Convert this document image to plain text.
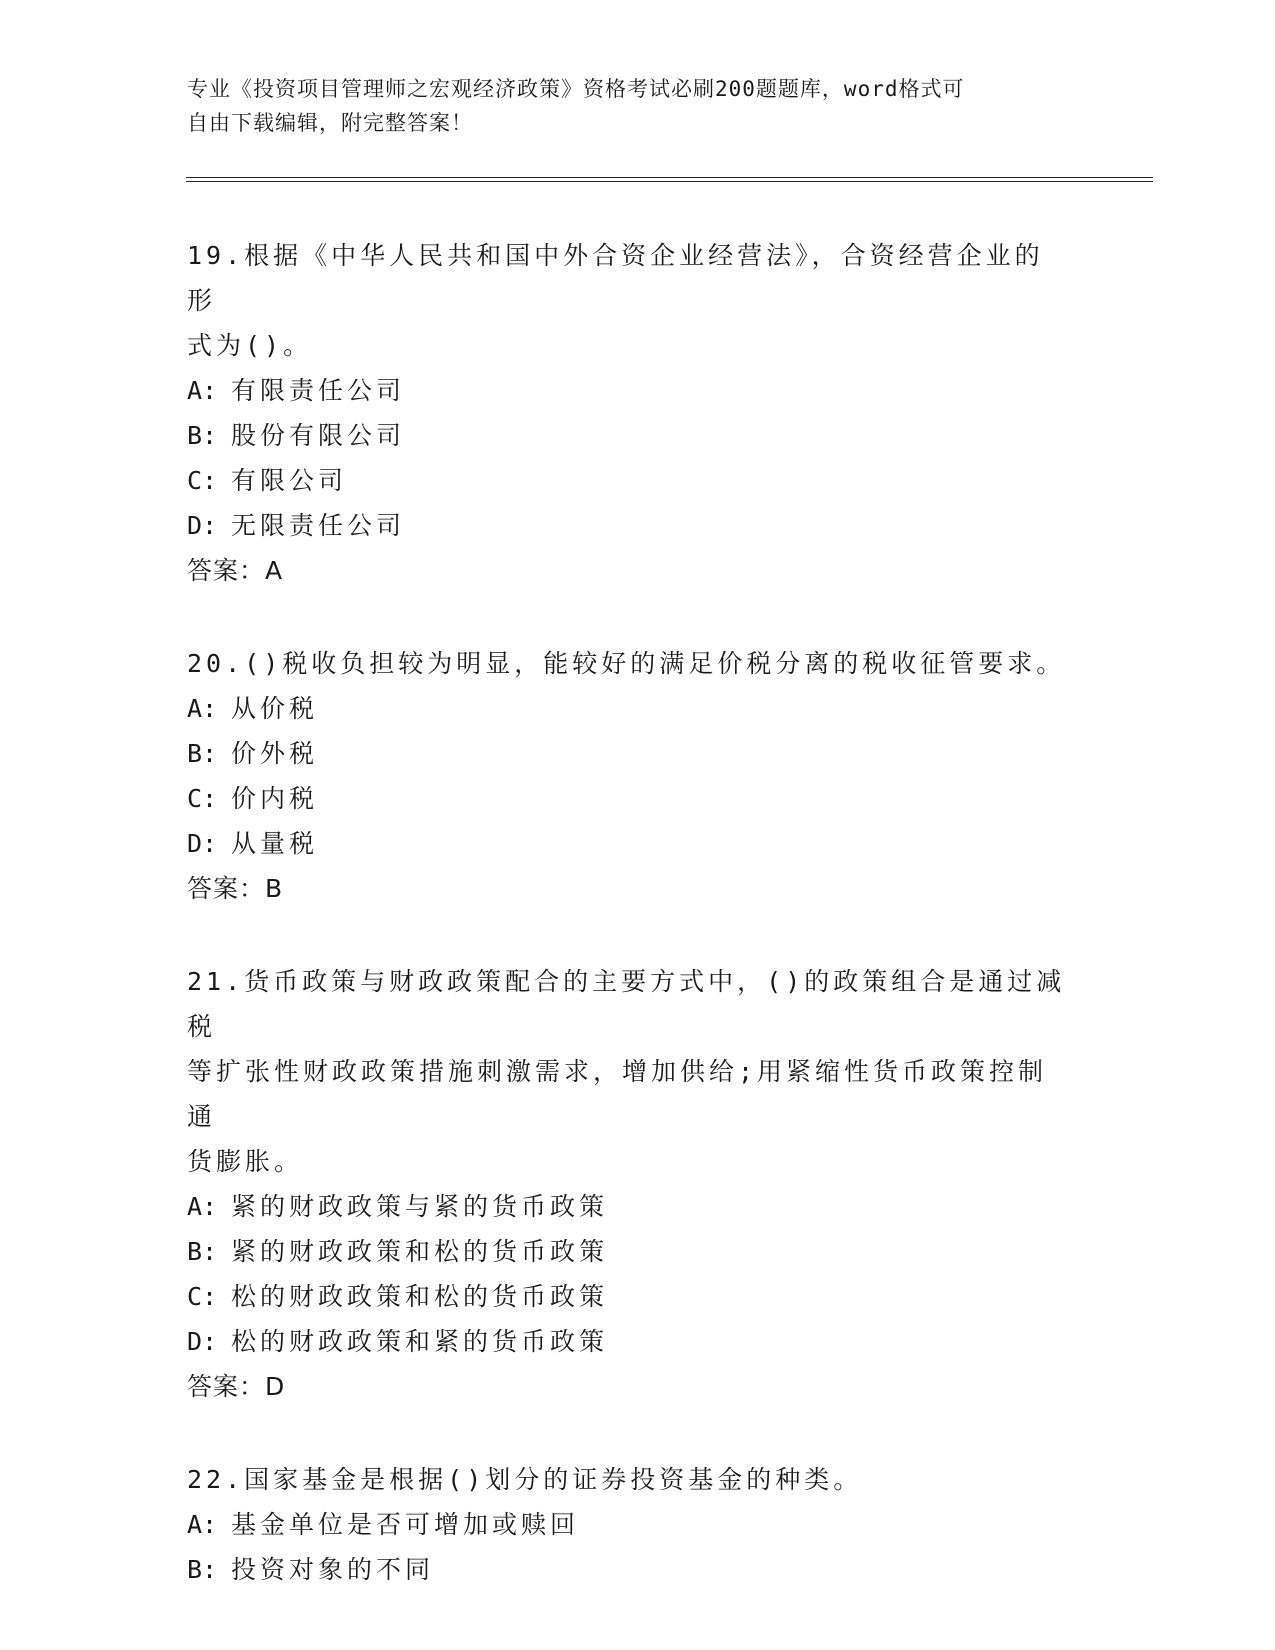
专业《投资项目管理师之宏观经济政策》资格考试必刷200题题库，word格式可
自由下载编辑，附完整答案！
19.根据《中华人民共和国中外合资企业经营法》，合资经营企业的形
式为()。
A: 有限责任公司
B: 股份有限公司
C: 有限公司
D: 无限责任公司
答案：A
20.()税收负担较为明显，能较好的满足价税分离的税收征管要求。
A: 从价税
B: 价外税
C: 价内税
D: 从量税
答案：B
21.货币政策与财政政策配合的主要方式中，()的政策组合是通过减税
等扩张性财政政策措施刺激需求，增加供给;用紧缩性货币政策控制通
货膨胀。
A: 紧的财政政策与紧的货币政策
B: 紧的财政政策和松的货币政策
C: 松的财政政策和松的货币政策
D: 松的财政政策和紧的货币政策
答案：D
22.国家基金是根据()划分的证券投资基金的种类。
A: 基金单位是否可增加或赎回
B: 投资对象的不同
